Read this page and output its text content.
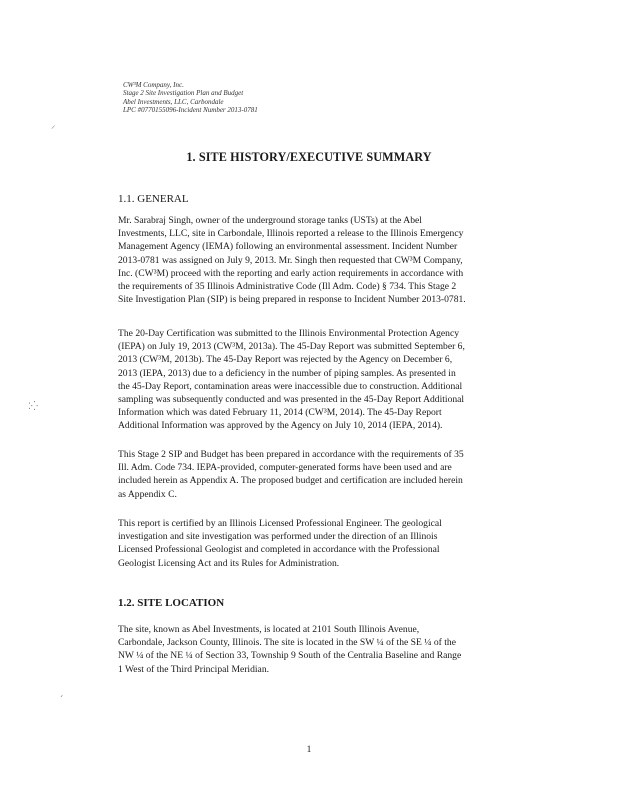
CW³M Company, Inc.
Stage 2 Site Investigation Plan and Budget
Abel Investments, LLC, Carbondale
LPC #0770155096-Incident Number 2013-0781
⸝
1. SITE HISTORY/EXECUTIVE SUMMARY
1.1. GENERAL
Mr. Sarabraj Singh, owner of the underground storage tanks (USTs) at the Abel
Investments, LLC, site in Carbondale, Illinois reported a release to the Illinois Emergency
Management Agency (IEMA) following an environmental assessment. Incident Number
2013-0781 was assigned on July 9, 2013. Mr. Singh then requested that CW³M Company,
Inc. (CW³M) proceed with the reporting and early action requirements in accordance with
the requirements of 35 Illinois Administrative Code (Ill Adm. Code) § 734. This Stage 2
Site Investigation Plan (SIP) is being prepared in response to Incident Number 2013-0781.
The 20-Day Certification was submitted to the Illinois Environmental Protection Agency
(IEPA) on July 19, 2013 (CW³M, 2013a). The 45-Day Report was submitted September 6,
2013 (CW³M, 2013b). The 45-Day Report was rejected by the Agency on December 6,
2013 (IEPA, 2013) due to a deficiency in the number of piping samples. As presented in
the 45-Day Report, contamination areas were inaccessible due to construction. Additional
sampling was subsequently conducted and was presented in the 45-Day Report Additional
Information which was dated February 11, 2014 (CW³M, 2014). The 45-Day Report
Additional Information was approved by the Agency on July 10, 2014 (IEPA, 2014).
⁚⁛
This Stage 2 SIP and Budget has been prepared in accordance with the requirements of 35
Ill. Adm. Code 734. IEPA-provided, computer-generated forms have been used and are
included herein as Appendix A. The proposed budget and certification are included herein
as Appendix C.
This report is certified by an Illinois Licensed Professional Engineer. The geological
investigation and site investigation was performed under the direction of an Illinois
Licensed Professional Geologist and completed in accordance with the Professional
Geologist Licensing Act and its Rules for Administration.
1.2. SITE LOCATION
The site, known as Abel Investments, is located at 2101 South Illinois Avenue,
Carbondale, Jackson County, Illinois. The site is located in the SW ¼ of the SE ¼ of the
NW ¼ of the NE ¼ of Section 33, Township 9 South of the Centralia Baseline and Range
1 West of the Third Principal Meridian.
ˏ
1
